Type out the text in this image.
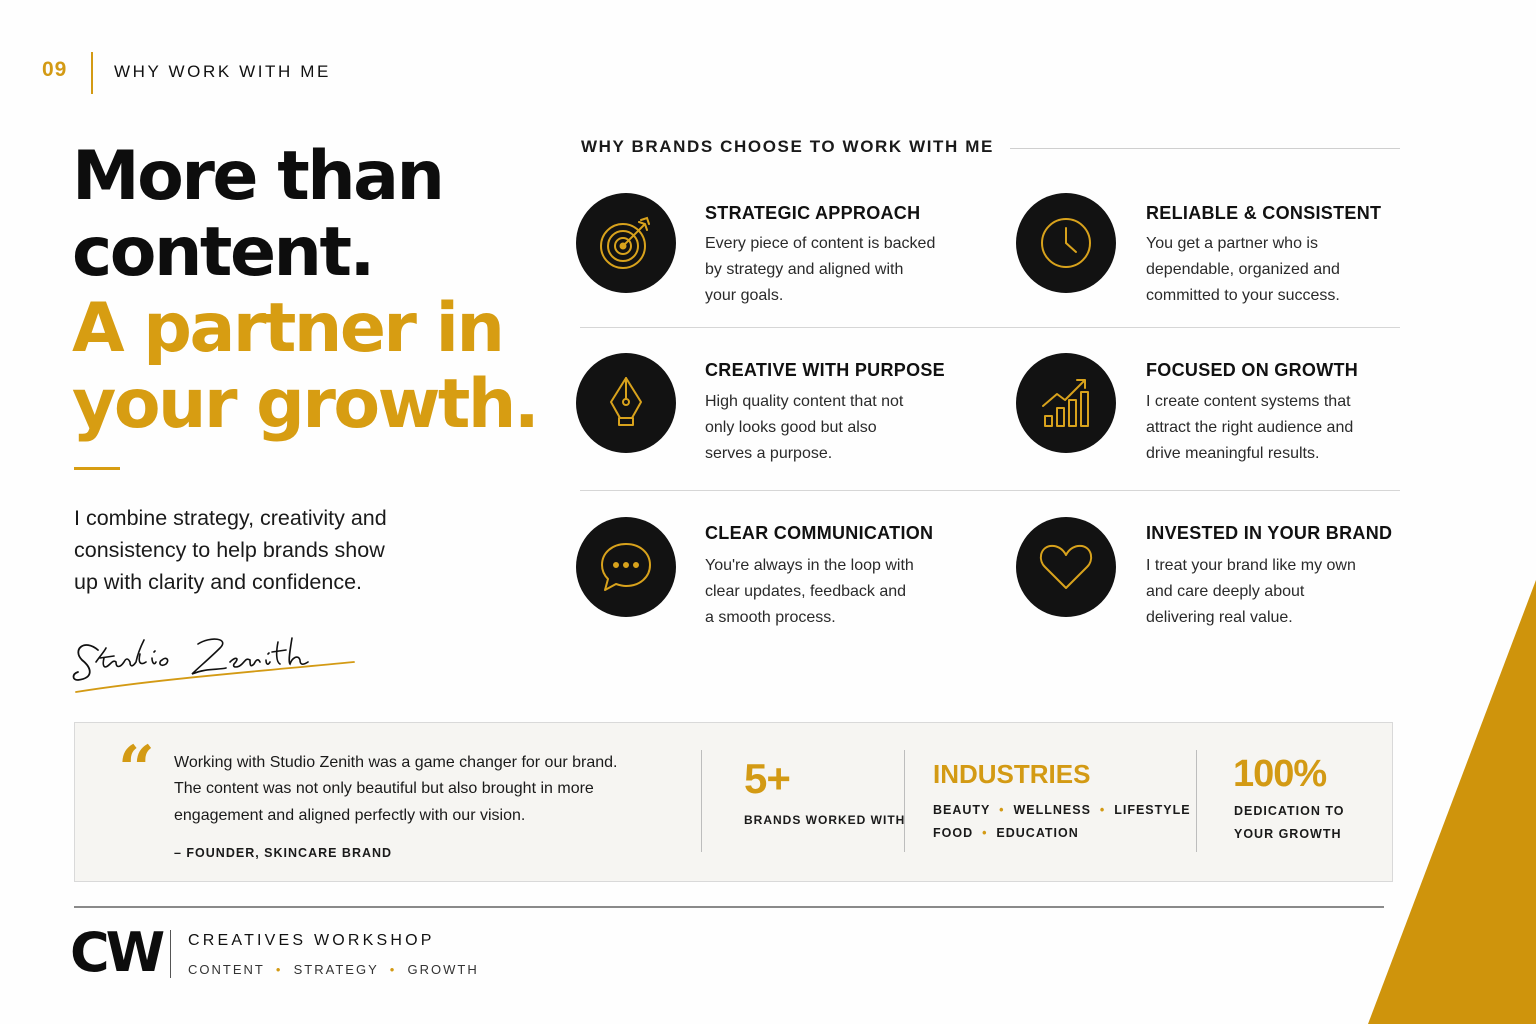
09	WHY WORK WITH ME
More than
content.
A partner in
your growth.
I combine strategy, creativity and
consistency to help brands show
up with clarity and confidence.
WHY BRANDS CHOOSE TO WORK WITH ME
STRATEGIC APPROACH
Every piece of content is backed
by strategy and aligned with
your goals.
RELIABLE & CONSISTENT
You get a partner who is
dependable, organized and
committed to your success.
CREATIVE WITH PURPOSE
High quality content that not
only looks good but also
serves a purpose.
FOCUSED ON GROWTH
I create content systems that
attract the right audience and
drive meaningful results.
CLEAR COMMUNICATION
You're always in the loop with
clear updates, feedback and
a smooth process.
INVESTED IN YOUR BRAND
I treat your brand like my own
and care deeply about
delivering real value.
“ Working with Studio Zenith was a game changer for our brand.
The content was not only beautiful but also brought in more
engagement and aligned perfectly with our vision.
– FOUNDER, SKINCARE BRAND
5+
BRANDS WORKED WITH
INDUSTRIES
BEAUTY  •  WELLNESS  •  LIFESTYLE
FOOD  •  EDUCATION
100%
DEDICATION TO
YOUR GROWTH
CW CREATIVES WORKSHOP
CONTENT  •  STRATEGY  •  GROWTH
